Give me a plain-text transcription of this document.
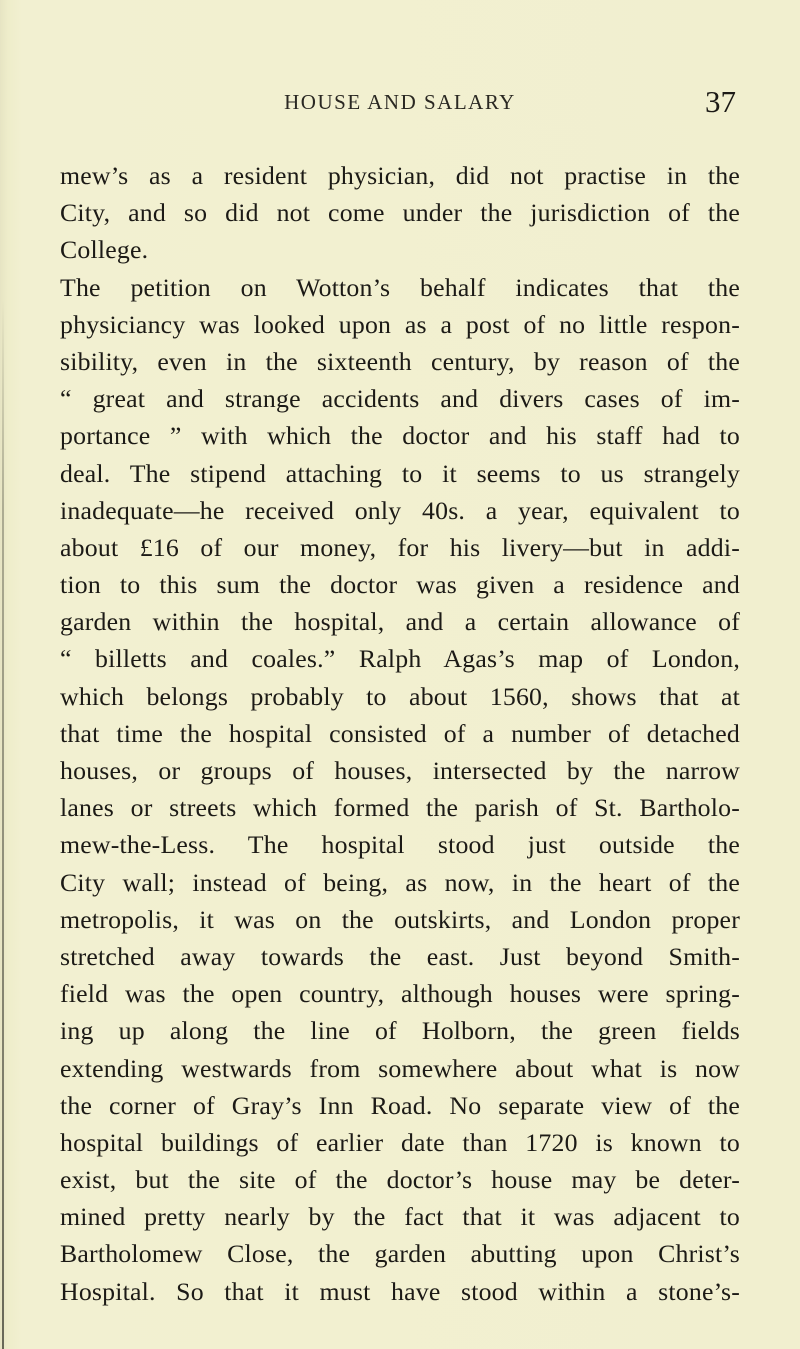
HOUSE AND SALARY	37
mew’s as a resident physician, did not practise in the
City, and so did not come under the jurisdiction of the
College.
The petition on Wotton’s behalf indicates that the
physiciancy was looked upon as a post of no little respon-
sibility, even in the sixteenth century, by reason of the
“ great and strange accidents and divers cases of im-
portance ” with which the doctor and his staff had to
deal. The stipend attaching to it seems to us strangely
inadequate—he received only 40s. a year, equivalent to
about £16 of our money, for his livery—but in addi-
tion to this sum the doctor was given a residence and
garden within the hospital, and a certain allowance of
“ billetts and coales.” Ralph Agas’s map of London,
which belongs probably to about 1560, shows that at
that time the hospital consisted of a number of detached
houses, or groups of houses, intersected by the narrow
lanes or streets which formed the parish of St. Bartholo-
mew-the-Less. The hospital stood just outside the
City wall; instead of being, as now, in the heart of the
metropolis, it was on the outskirts, and London proper
stretched away towards the east. Just beyond Smith-
field was the open country, although houses were spring-
ing up along the line of Holborn, the green fields
extending westwards from somewhere about what is now
the corner of Gray’s Inn Road. No separate view of the
hospital buildings of earlier date than 1720 is known to
exist, but the site of the doctor’s house may be deter-
mined pretty nearly by the fact that it was adjacent to
Bartholomew Close, the garden abutting upon Christ’s
Hospital. So that it must have stood within a stone’s-
